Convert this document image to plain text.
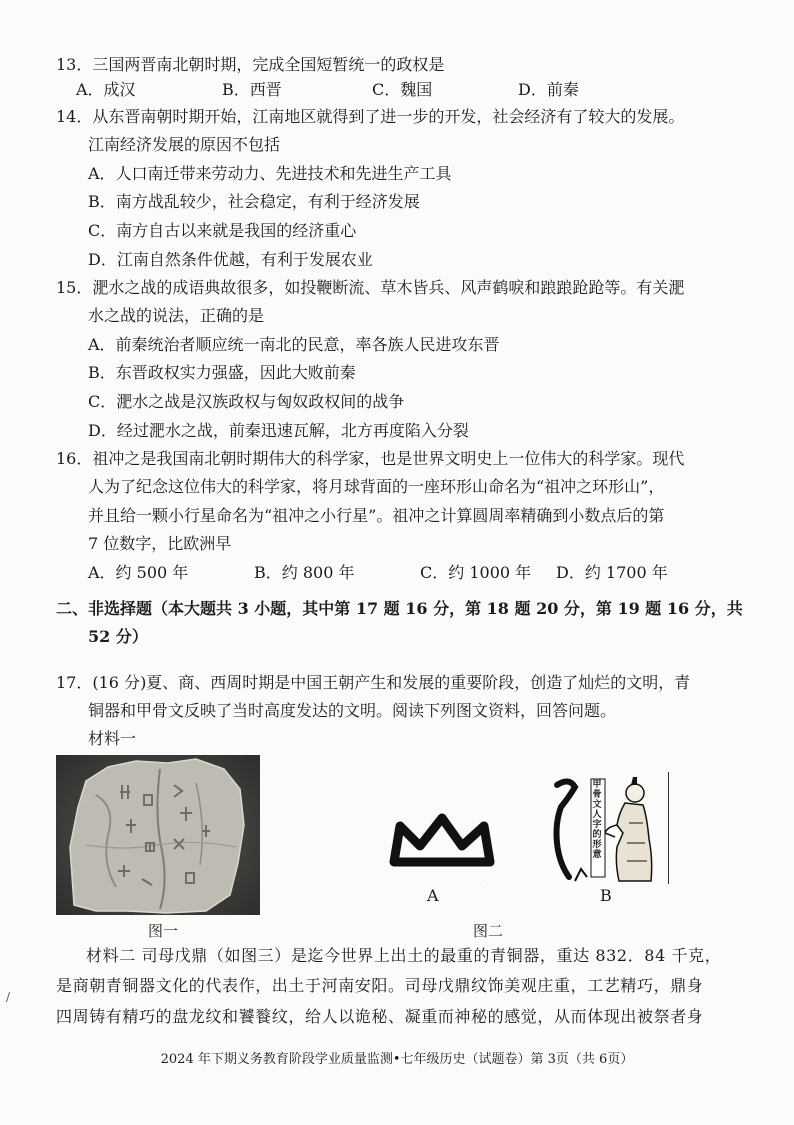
13．三国两晋南北朝时期，完成全国短暂统一的政权是
A．成汉	B．西晋	C．魏国	D．前秦
14．从东晋南朝时期开始，江南地区就得到了进一步的开发，社会经济有了较大的发展。
江南经济发展的原因不包括
A．人口南迁带来劳动力、先进技术和先进生产工具
B．南方战乱较少，社会稳定，有利于经济发展
C．南方自古以来就是我国的经济重心
D．江南自然条件优越，有利于发展农业
15．淝水之战的成语典故很多，如投鞭断流、草木皆兵、风声鹤唳和踉踉跄跄等。有关淝
水之战的说法，正确的是
A．前秦统治者顺应统一南北的民意，率各族人民进攻东晋
B．东晋政权实力强盛，因此大败前秦
C．淝水之战是汉族政权与匈奴政权间的战争
D．经过淝水之战，前秦迅速瓦解，北方再度陷入分裂
16．祖冲之是我国南北朝时期伟大的科学家，也是世界文明史上一位伟大的科学家。现代
人为了纪念这位伟大的科学家，将月球背面的一座环形山命名为“祖冲之环形山”，
并且给一颗小行星命名为“祖冲之小行星”。祖冲之计算圆周率精确到小数点后的第
7 位数字，比欧洲早
A．约 500 年	B．约 800 年	C．约 1000 年 D．约 1700 年
二、非选择题（本大题共 3 小题，其中第 17 题 16 分，第 18 题 20 分，第 19 题 16 分，共
52 分）
17．(16 分)夏、商、西周时期是中国王朝产生和发展的重要阶段，创造了灿烂的文明，青
铜器和甲骨文反映了当时高度发达的文明。阅读下列图文资料，回答问题。
材料一
图一
·
A
甲骨文人字的形意
B
图二
材料二 司母戊鼎（如图三）是迄今世界上出土的最重的青铜器，重达 832．84 千克，
是商朝青铜器文化的代表作，出土于河南安阳。司母戊鼎纹饰美观庄重，工艺精巧，鼎身
四周铸有精巧的盘龙纹和饕餮纹，给人以诡秘、凝重而神秘的感觉，从而体现出被祭者身
/
2024 年下期义务教育阶段学业质量监测•七年级历史（试题卷）第 3页（共 6页）
